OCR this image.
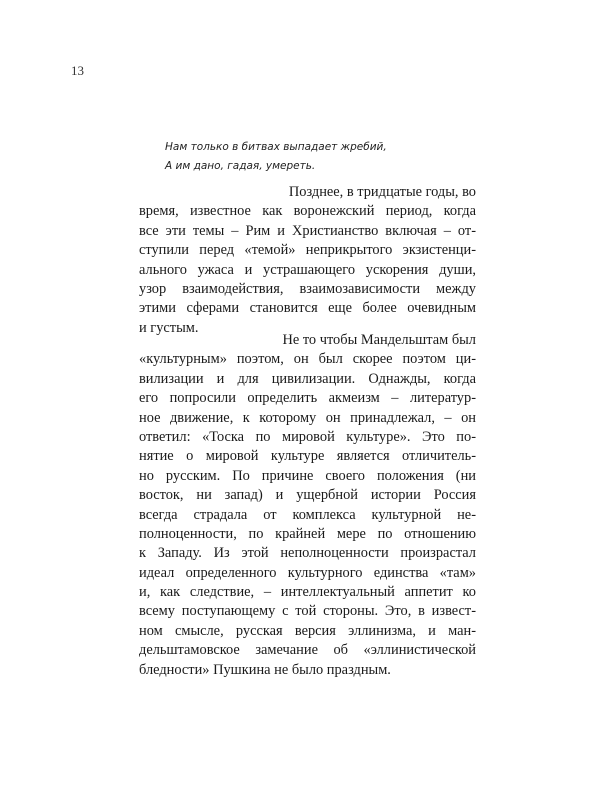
13
Нам только в битвах выпадает жребий,
А им дано, гадая, умереть.
Позднее, в тридцатые годы, во
время, известное как воронежский период, когда
все эти темы – Рим и Христианство включая – от-
ступили перед «темой» неприкрытого экзистенци-
ального ужаса и устрашающего ускорения души,
узор взаимодействия, взаимозависимости между
этими сферами становится еще более очевидным
и густым.
Не то чтобы Мандельштам был
«культурным» поэтом, он был скорее поэтом ци-
вилизации и для цивилизации. Однажды, когда
его попросили определить акмеизм – литератур-
ное движение, к которому он принадлежал, – он
ответил: «Тоска по мировой культуре». Это по-
нятие о мировой культуре является отличитель-
но русским. По причине своего положения (ни
восток, ни запад) и ущербной истории Россия
всегда страдала от комплекса культурной не-
полноценности, по крайней мере по отношению
к Западу. Из этой неполноценности произрастал
идеал определенного культурного единства «там»
и, как следствие, – интеллектуальный аппетит ко
всему поступающему с той стороны. Это, в извест-
ном смысле, русская версия эллинизма, и ман-
дельштамовское замечание об «эллинистической
бледности» Пушкина не было праздным.
